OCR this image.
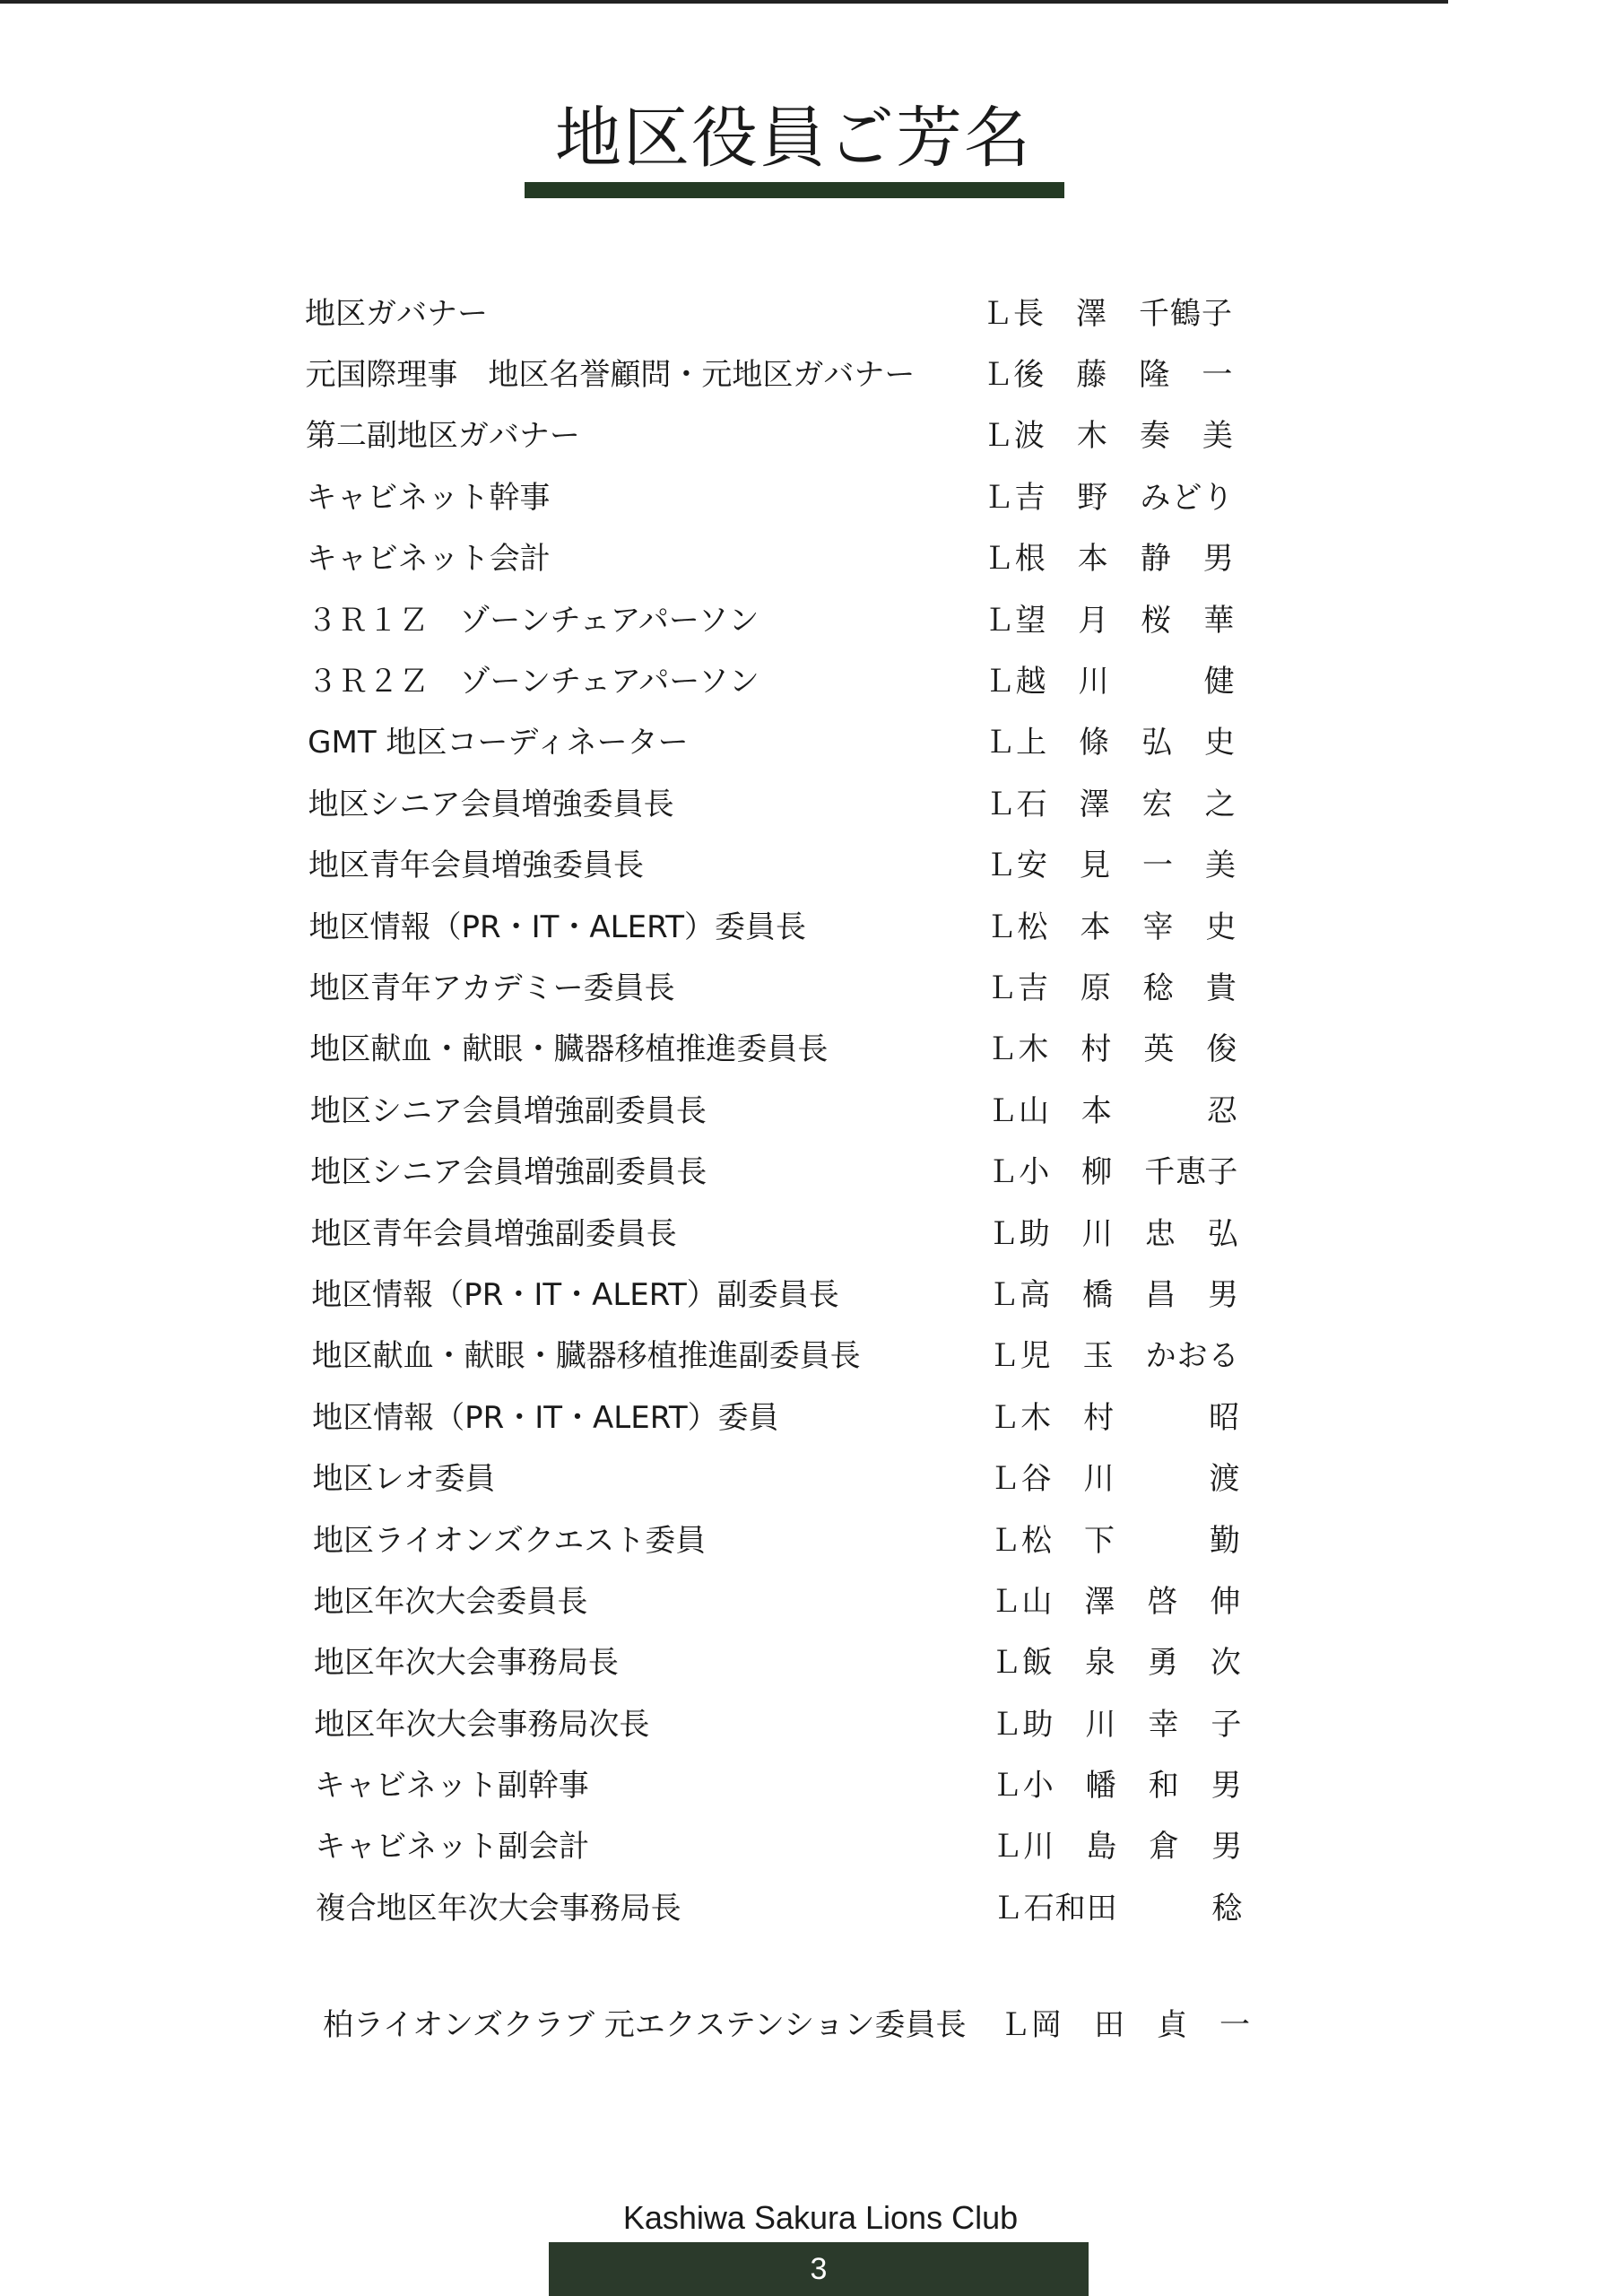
地区役員ご芳名
地区ガバナー	Ｌ長　澤　千鶴子
元国際理事　地区名誉顧問・元地区ガバナー	Ｌ後　藤　隆　一
第二副地区ガバナー	Ｌ波　木　奏　美
キャビネット幹事	Ｌ吉　野　みどり
キャビネット会計	Ｌ根　本　静　男
３Ｒ１Ｚ　ゾーンチェアパーソン	Ｌ望　月　桜　華
３Ｒ２Ｚ　ゾーンチェアパーソン	Ｌ越　川　　　健
GMT 地区コーディネーター	Ｌ上　條　弘　史
地区シニア会員増強委員長	Ｌ石　澤　宏　之
地区青年会員増強委員長	Ｌ安　見　一　美
地区情報（PR・IT・ALERT）委員長	Ｌ松　本　宰　史
地区青年アカデミー委員長	Ｌ吉　原　稔　貴
地区献血・献眼・臓器移植推進委員長	Ｌ木　村　英　俊
地区シニア会員増強副委員長	Ｌ山　本　　　忍
地区シニア会員増強副委員長	Ｌ小　柳　千恵子
地区青年会員増強副委員長	Ｌ助　川　忠　弘
地区情報（PR・IT・ALERT）副委員長	Ｌ高　橋　昌　男
地区献血・献眼・臓器移植推進副委員長	Ｌ児　玉　かおる
地区情報（PR・IT・ALERT）委員	Ｌ木　村　　　昭
地区レオ委員	Ｌ谷　川　　　渡
地区ライオンズクエスト委員	Ｌ松　下　　　勤
地区年次大会委員長	Ｌ山　澤　啓　伸
地区年次大会事務局長	Ｌ飯　泉　勇　次
地区年次大会事務局次長	Ｌ助　川　幸　子
キャビネット副幹事	Ｌ小　幡　和　男
キャビネット副会計	Ｌ川　島　倉　男
複合地区年次大会事務局長	Ｌ石和田　　　稔
柏ライオンズクラブ 元エクステンション委員長	Ｌ岡　田　貞　一
Kashiwa Sakura Lions Club
3
